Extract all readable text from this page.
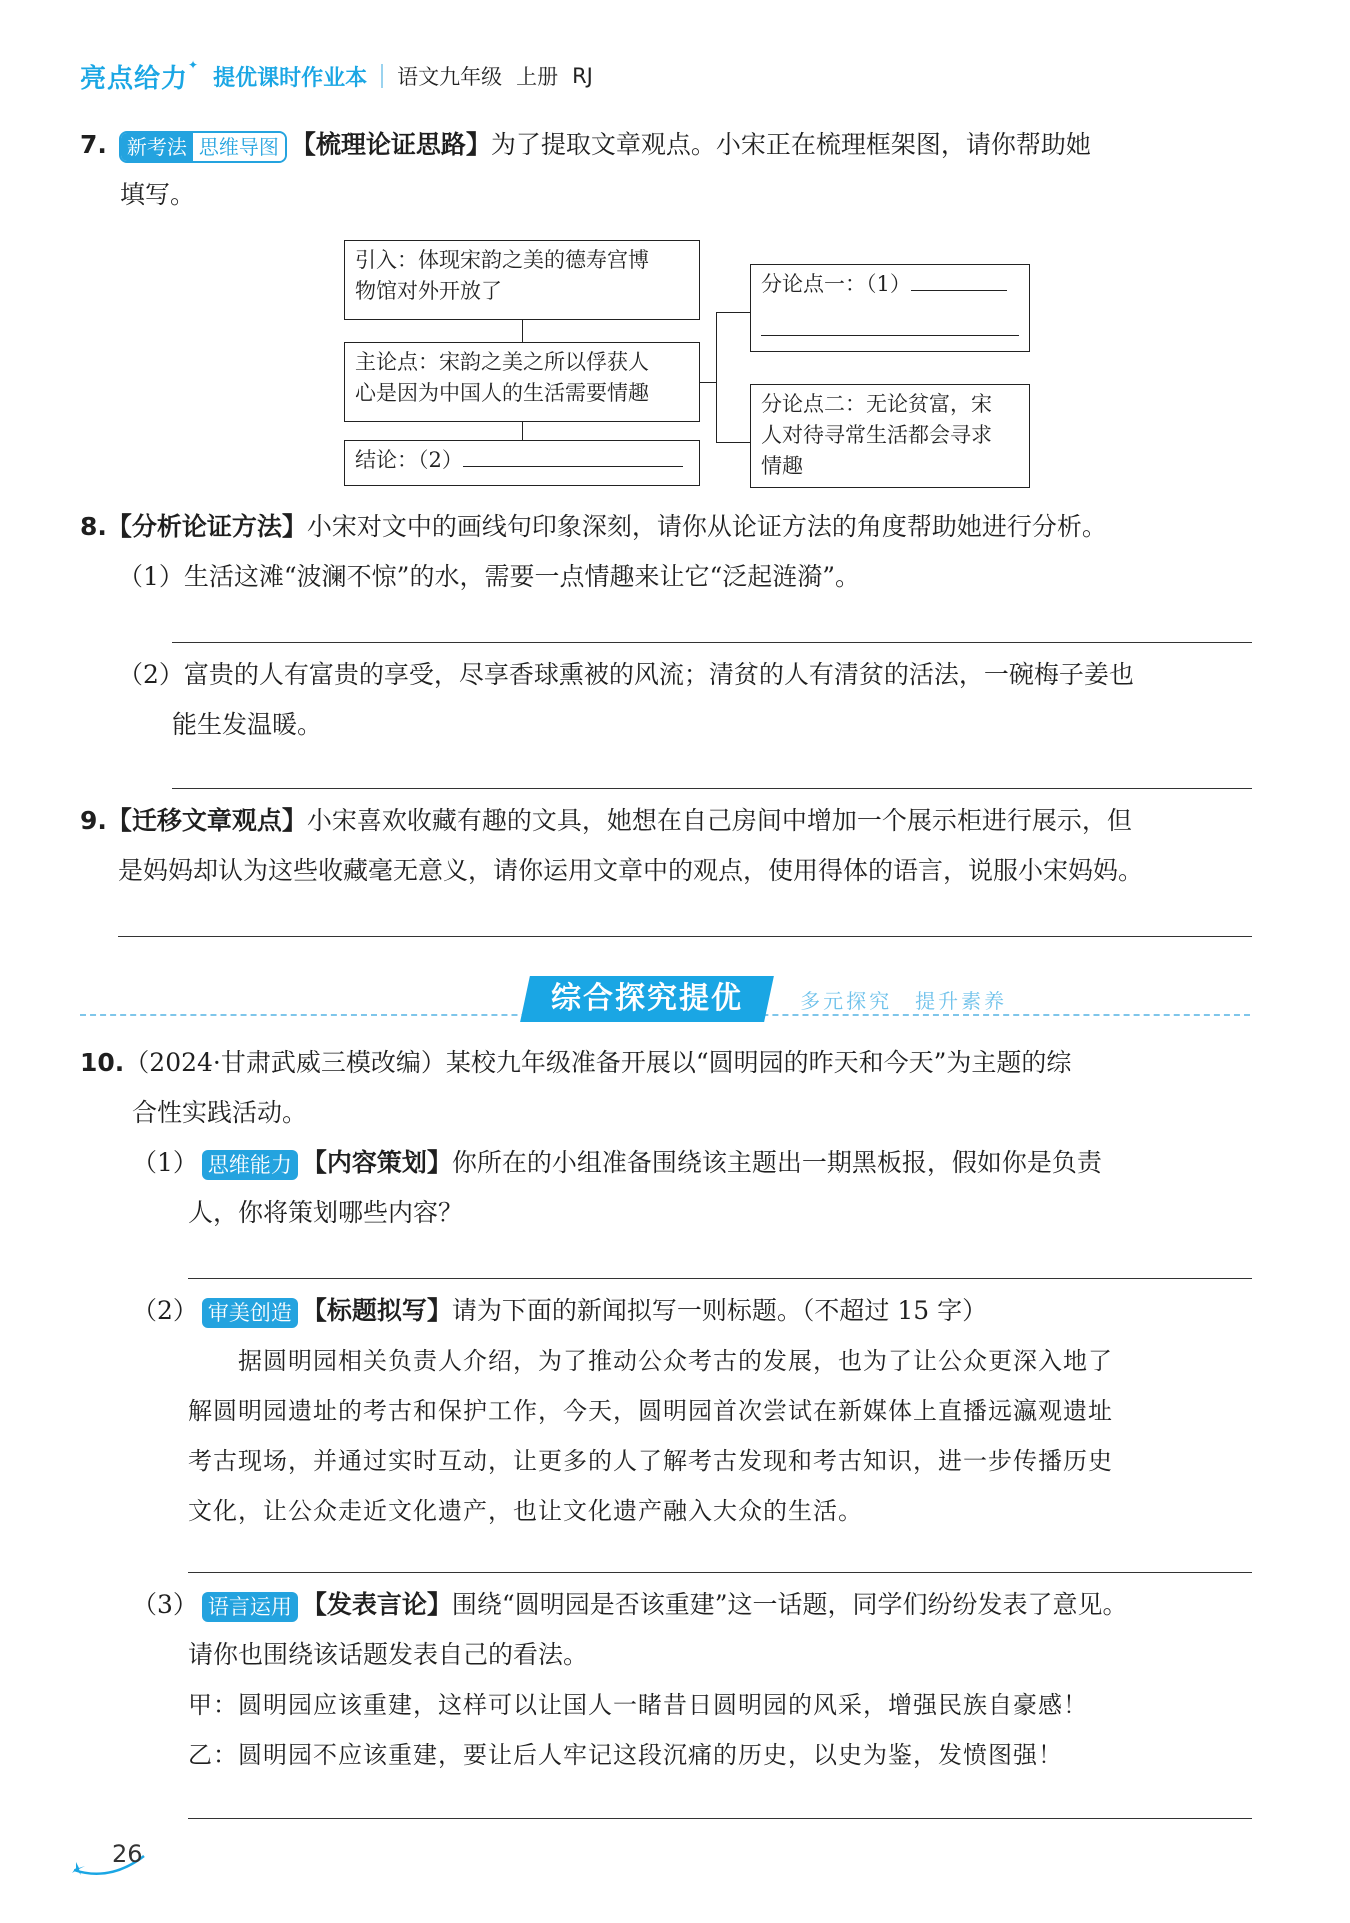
亮点给力✦
提优课时作业本 语文九年级 上册 RJ
7. 新考法 思维导图 【梳理论证思路】为了提取文章观点。小宋正在梳理框架图，请你帮助她
填写。
引入：体现宋韵之美的德寿宫博
物馆对外开放了
主论点：宋韵之美之所以俘获人
心是因为中国人的生活需要情趣
结论：（2）
分论点一：（1）

分论点二：无论贫富，宋
人对待寻常生活都会寻求
情趣
8.【分析论证方法】小宋对文中的画线句印象深刻，请你从论证方法的角度帮助她进行分析。
（1）生活这滩“波澜不惊”的水，需要一点情趣来让它“泛起涟漪”。
（2）富贵的人有富贵的享受，尽享香球熏被的风流；清贫的人有清贫的活法，一碗梅子姜也
能生发温暖。
9.【迁移文章观点】小宋喜欢收藏有趣的文具，她想在自己房间中增加一个展示柜进行展示，但
是妈妈却认为这些收藏毫无意义，请你运用文章中的观点，使用得体的语言，说服小宋妈妈。
综合探究提优	多元探究　提升素养
10.（2024·甘肃武威三模改编）某校九年级准备开展以“圆明园的昨天和今天”为主题的综
合性实践活动。
（1） 思维能力 【内容策划】你所在的小组准备围绕该主题出一期黑板报，假如你是负责
人，你将策划哪些内容？
（2） 审美创造 【标题拟写】请为下面的新闻拟写一则标题。（不超过 15 字）
　　据圆明园相关负责人介绍，为了推动公众考古的发展，也为了让公众更深入地了
解圆明园遗址的考古和保护工作，今天，圆明园首次尝试在新媒体上直播远瀛观遗址
考古现场，并通过实时互动，让更多的人了解考古发现和考古知识，进一步传播历史
文化，让公众走近文化遗产，也让文化遗产融入大众的生活。
（3） 语言运用 【发表言论】围绕“圆明园是否该重建”这一话题，同学们纷纷发表了意见。
请你也围绕该话题发表自己的看法。
甲：圆明园应该重建，这样可以让国人一睹昔日圆明园的风采，增强民族自豪感！
乙：圆明园不应该重建，要让后人牢记这段沉痛的历史，以史为鉴，发愤图强！
26
